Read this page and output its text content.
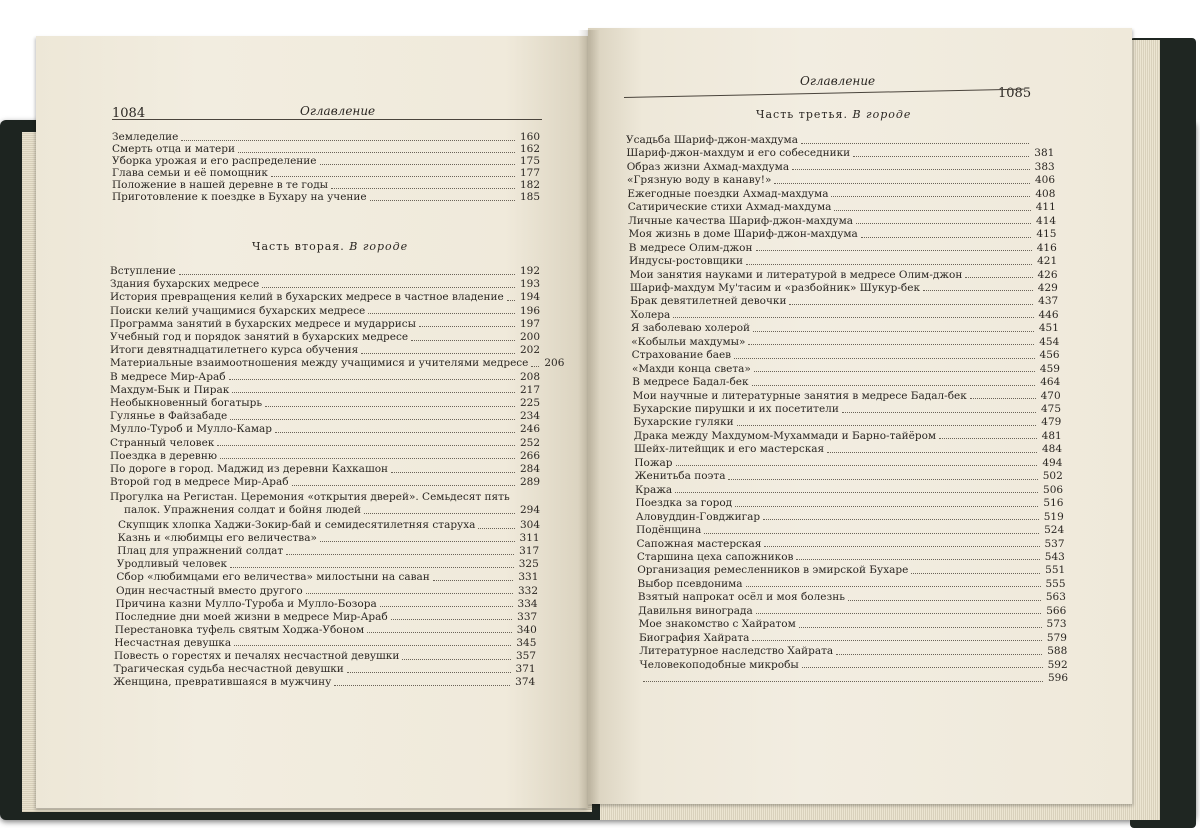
1084	Оглавление
Земледелие	160
Смерть отца и матери	162
Уборка урожая и его распределение	175
Глава семьи и её помощник	177
Положение в нашей деревне в те годы	182
Приготовление к поездке в Бухару на учение	185
Часть вторая. В городе
Вступление	192
Здания бухарских медресе	193
История превращения келий в бухарских медресе в частное владение 194
Поиски келий учащимися бухарских медресе	196
Программа занятий в бухарских медресе и мударрисы	197
Учебный год и порядок занятий в бухарских медресе	200
Итоги девятнадцатилетнего курса обучения	202
Материальные взаимоотношения между учащимися и учителями медресе 206
В медресе Мир-Араб	208
Махдум-Бык и Пирак	217
Необыкновенный богатырь	225
Гулянье в Файзабаде	234
Мулло-Туроб и Мулло-Камар	246
Странный человек	252
Поездка в деревню	266
По дороге в город. Маджид из деревни Кахкашон	284
Второй год в медресе Мир-Араб	289
Прогулка на Регистан. Церемония «открытия дверей». Семьдесят пять
палок. Упражнения солдат и бойня людей	294
Скупщик хлопка Хаджи-Зокир-бай и семидесятилетняя старуха	304
Казнь и «любимцы его величества»	311
Плац для упражнений солдат	317
Уродливый человек	325
Сбор «любимцами его величества» милостыни на саван	331
Один несчастный вместо другого	332
Причина казни Мулло-Туроба и Мулло-Бозора	334
Последние дни моей жизни в медресе Мир-Араб	337
Перестановка туфель святым Ходжа-Убоном	340
Несчастная девушка	345
Повесть о горестях и печалях несчастной девушки	357
Трагическая судьба несчастной девушки	371
Женщина, превратившаяся в мужчину	374
Оглавление
1085
Часть третья. В городе
Усадьба Шариф-джон-махдума
Шариф-джон-махдум и его собеседники	381
Образ жизни Ахмад-махдума	383
«Грязную воду в канаву!»	406
Ежегодные поездки Ахмад-махдума	408
Сатирические стихи Ахмад-махдума	411
Личные качества Шариф-джон-махдума	414
Моя жизнь в доме Шариф-джон-махдума	415
В медресе Олим-джон	416
Индусы-ростовщики	421
Мои занятия науками и литературой в медресе Олим-джон	426
Шариф-махдум Му'тасим и «разбойник» Шукур-бек	429
Брак девятилетней девочки	437
Холера	446
Я заболеваю холерой	451
«Кобыльи махдумы»	454
Страхование баев	456
«Махди конца света»	459
В медресе Бадал-бек	464
Мои научные и литературные занятия в медресе Бадал-бек	470
Бухарские пирушки и их посетители	475
Бухарские гуляки	479
Драка между Махдумом-Мухаммади и Барно-тайёром	481
Шейх-литейщик и его мастерская	484
Пожар	494
Женитьба поэта	502
Кража	506
Поездка за город	516
Аловуддин-Говджигар	519
Подёнщина	524
Сапожная мастерская	537
Старшина цеха сапожников	543
Организация ремесленников в эмирской Бухаре	551
Выбор псевдонима	555
Взятый напрокат осёл и моя болезнь	563
Давильня винограда	566
Мое знакомство с Хайратом	573
Биография Хайрата	579
Литературное наследство Хайрата	588
Человекоподобные микробы	592
596
